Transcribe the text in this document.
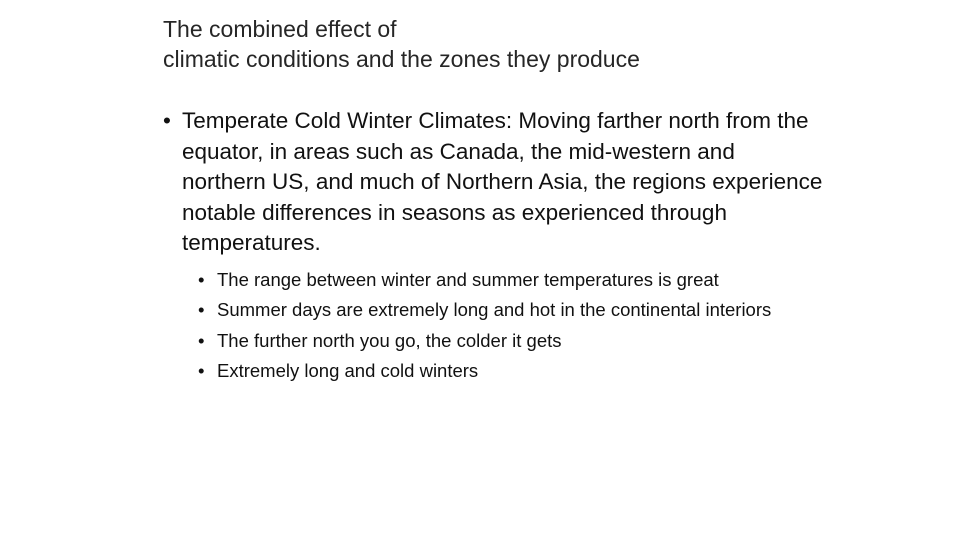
The combined effect of
climatic conditions and the zones they produce
• Temperate Cold Winter Climates: Moving farther north from the equator, in areas such as Canada, the mid-western and northern US, and much of Northern Asia, the regions experience notable differences in seasons as experienced through temperatures.
• The range between winter and summer temperatures is great
• Summer days are extremely long and hot in the continental interiors
• The further north you go, the colder it gets
• Extremely long and cold winters
